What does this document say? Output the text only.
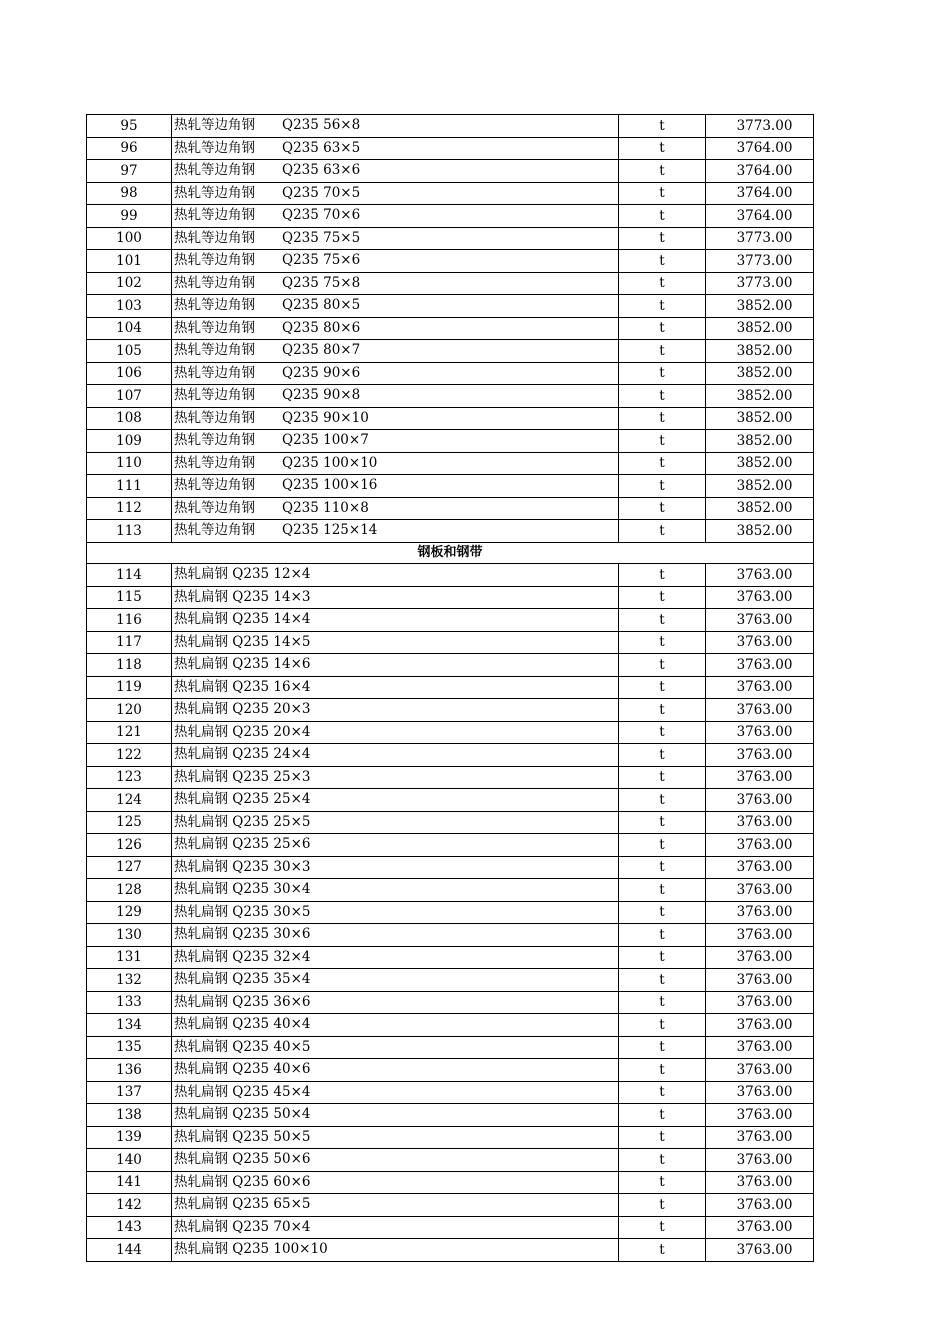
95	热轧等边角钢　　Q235 56×8	t	3773.00
96	热轧等边角钢　　Q235 63×5	t	3764.00
97	热轧等边角钢　　Q235 63×6	t	3764.00
98	热轧等边角钢　　Q235 70×5	t	3764.00
99	热轧等边角钢　　Q235 70×6	t	3764.00
100	热轧等边角钢　　Q235 75×5	t	3773.00
101	热轧等边角钢　　Q235 75×6	t	3773.00
102	热轧等边角钢　　Q235 75×8	t	3773.00
103	热轧等边角钢　　Q235 80×5	t	3852.00
104	热轧等边角钢　　Q235 80×6	t	3852.00
105	热轧等边角钢　　Q235 80×7	t	3852.00
106	热轧等边角钢　　Q235 90×6	t	3852.00
107	热轧等边角钢　　Q235 90×8	t	3852.00
108	热轧等边角钢　　Q235 90×10	t	3852.00
109	热轧等边角钢　　Q235 100×7	t	3852.00
110	热轧等边角钢　　Q235 100×10	t	3852.00
111	热轧等边角钢　　Q235 100×16	t	3852.00
112	热轧等边角钢　　Q235 110×8	t	3852.00
113	热轧等边角钢　　Q235 125×14	t	3852.00
钢板和钢带			
114	热轧扁钢 Q235 12×4	t	3763.00
115	热轧扁钢 Q235 14×3	t	3763.00
116	热轧扁钢 Q235 14×4	t	3763.00
117	热轧扁钢 Q235 14×5	t	3763.00
118	热轧扁钢 Q235 14×6	t	3763.00
119	热轧扁钢 Q235 16×4	t	3763.00
120	热轧扁钢 Q235 20×3	t	3763.00
121	热轧扁钢 Q235 20×4	t	3763.00
122	热轧扁钢 Q235 24×4	t	3763.00
123	热轧扁钢 Q235 25×3	t	3763.00
124	热轧扁钢 Q235 25×4	t	3763.00
125	热轧扁钢 Q235 25×5	t	3763.00
126	热轧扁钢 Q235 25×6	t	3763.00
127	热轧扁钢 Q235 30×3	t	3763.00
128	热轧扁钢 Q235 30×4	t	3763.00
129	热轧扁钢 Q235 30×5	t	3763.00
130	热轧扁钢 Q235 30×6	t	3763.00
131	热轧扁钢 Q235 32×4	t	3763.00
132	热轧扁钢 Q235 35×4	t	3763.00
133	热轧扁钢 Q235 36×6	t	3763.00
134	热轧扁钢 Q235 40×4	t	3763.00
135	热轧扁钢 Q235 40×5	t	3763.00
136	热轧扁钢 Q235 40×6	t	3763.00
137	热轧扁钢 Q235 45×4	t	3763.00
138	热轧扁钢 Q235 50×4	t	3763.00
139	热轧扁钢 Q235 50×5	t	3763.00
140	热轧扁钢 Q235 50×6	t	3763.00
141	热轧扁钢 Q235 60×6	t	3763.00
142	热轧扁钢 Q235 65×5	t	3763.00
143	热轧扁钢 Q235 70×4	t	3763.00
144	热轧扁钢 Q235 100×10	t	3763.00
